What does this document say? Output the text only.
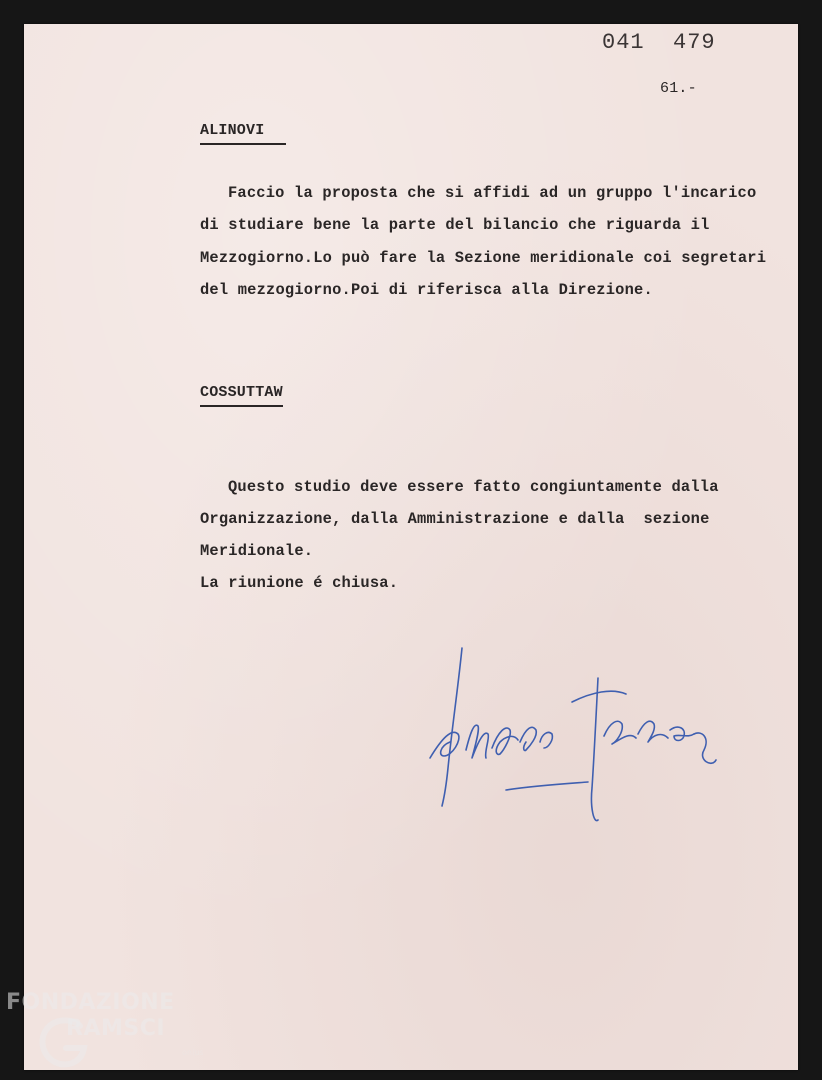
041  479
61.-
ALINOVI
Faccio la proposta che si affidi ad un gruppo l'incarico
di studiare bene la parte del bilancio che riguarda il
Mezzogiorno.Lo può fare la Sezione meridionale coi segretari
del mezzogiorno.Poi di riferisca alla Direzione.
COSSUTTAW
Questo studio deve essere fatto congiuntamente dalla
Organizzazione, dalla Amministrazione e dalla  sezione
Meridionale.
La riunione é chiusa.
FONDAZIONE
RAMSCI
onlus
